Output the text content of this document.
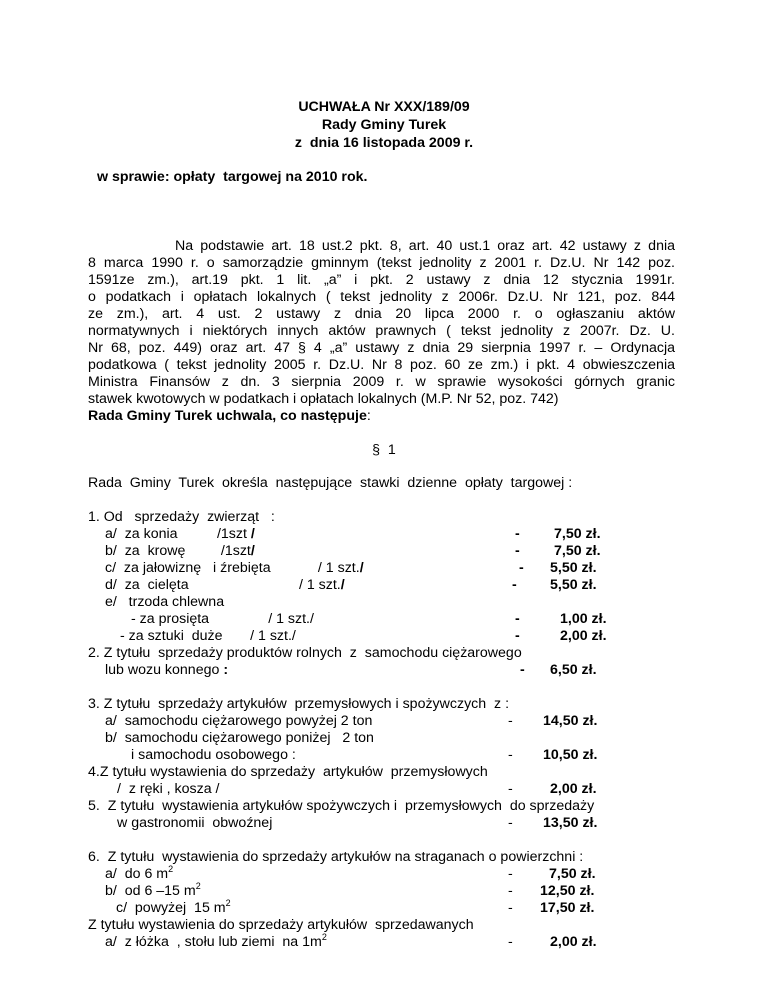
UCHWAŁA Nr XXX/189/09
Rady Gminy Turek
z  dnia 16 listopada 2009 r.
w sprawie: opłaty  targowej na 2010 rok.
Na podstawie art. 18 ust.2 pkt. 8, art. 40 ust.1 oraz art. 42 ustawy z dnia
8 marca 1990 r. o samorządzie gminnym (tekst jednolity z 2001 r. Dz.U. Nr 142 poz.
1591ze zm.), art.19 pkt. 1 lit. „a” i pkt. 2 ustawy z dnia 12 stycznia 1991r.
o podatkach i opłatach lokalnych ( tekst jednolity z 2006r. Dz.U. Nr 121, poz. 844
ze zm.), art. 4 ust. 2 ustawy z dnia 20 lipca 2000 r. o ogłaszaniu aktów
normatywnych i niektórych innych aktów prawnych ( tekst jednolity z 2007r. Dz. U.
Nr 68, poz. 449) oraz art. 47 § 4 „a” ustawy z dnia 29 sierpnia 1997 r. – Ordynacja
podatkowa ( tekst jednolity 2005 r. Dz.U. Nr 8 poz. 60 ze zm.) i pkt. 4 obwieszczenia
Ministra Finansów z dn. 3 sierpnia 2009 r. w sprawie wysokości górnych granic
stawek kwotowych w podatkach i opłatach lokalnych (M.P. Nr 52, poz. 742)
Rada Gminy Turek uchwala, co następuje:
§  1
Rada  Gminy  Turek  określa  następujące  stawki  dzienne  opłaty  targowej :
1. Od   sprzedaży  zwierząt   :
a/  za konia          /1szt /	- 7,50 zł.
b/  za  krowę         /1szt/	- 7,50 zł.
c/  za jałowiznę   i źrebięta            / 1 szt./	- 5,50 zł.
d/  za  cielęta                            / 1 szt./	- 5,50 zł.
e/   trzoda chlewna
- za prosięta               / 1 szt./	-	1,00 zł.
- za sztuki  duże       / 1 szt./	-	2,00 zł.
2. Z tytułu  sprzedaży produktów rolnych  z  samochodu ciężarowego
lub wozu konnego :	- 6,50 zł.
3. Z tytułu  sprzedaży artykułów  przemysłowych i spożywczych  z :
a/  samochodu ciężarowego powyżej 2 ton	- 14,50 zł.
b/  samochodu ciężarowego poniżej   2 ton
i samochodu osobowego :	- 10,50 zł.
4.Z tytułu wystawienia do sprzedaży  artykułów  przemysłowych
/  z ręki , kosza /	-	2,00 zł.
5.  Z tytułu  wystawienia artykułów spożywczych i  przemysłowych  do sprzedaży
w gastronomii  obwoźnej	- 13,50 zł.
6.  Z tytułu  wystawienia do sprzedaży artykułów na straganach o powierzchni :
a/  do 6 $m^2$	-	7,50 zł.
b/  od 6 –15 $m^2$	- 12,50 zł.
c/  powyżej  15 $m^2$	- 17,50 zł.
Z tytułu wystawienia do sprzedaży artykułów  sprzedawanych
a/  z łóżka  , stołu lub ziemi  na $1m^2$	-	2,00 zł.
